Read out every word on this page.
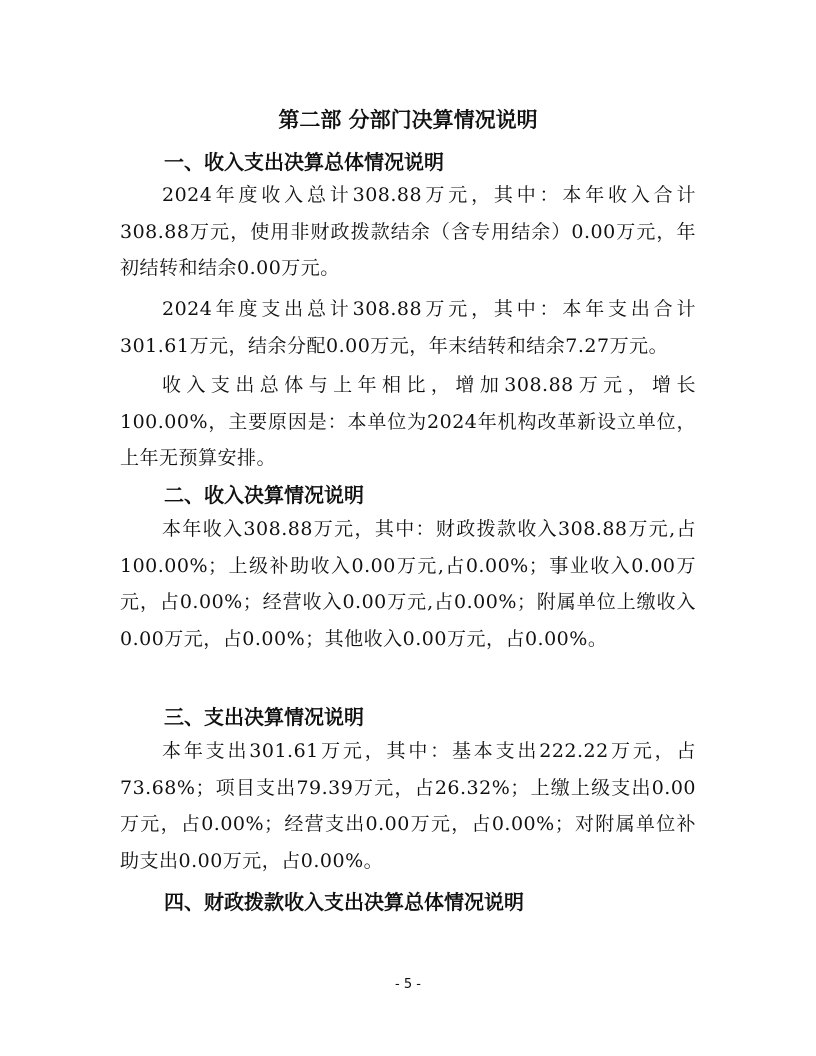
第二部 分部门决算情况说明
一、收入支出决算总体情况说明
2024年度收入总计308.88万元，其中：本年收入合计308.88万元，使用非财政拨款结余（含专用结余）0.00万元，年初结转和结余0.00万元。
2024年度支出总计308.88万元，其中：本年支出合计301.61万元，结余分配0.00万元，年末结转和结余7.27万元。
收入支出总体与上年相比，增加308.88万元，增长100.00%，主要原因是：本单位为2024年机构改革新设立单位，上年无预算安排。
二、收入决算情况说明
本年收入308.88万元，其中：财政拨款收入308.88万元,占100.00%；上级补助收入0.00万元,占0.00%；事业收入0.00万元，占0.00%；经营收入0.00万元,占0.00%；附属单位上缴收入0.00万元，占0.00%；其他收入0.00万元，占0.00%。
三、支出决算情况说明
本年支出301.61万元，其中：基本支出222.22万元，占73.68%；项目支出79.39万元，占26.32%；上缴上级支出0.00万元，占0.00%；经营支出0.00万元，占0.00%；对附属单位补助支出0.00万元，占0.00%。
四、财政拨款收入支出决算总体情况说明
- 5 -
